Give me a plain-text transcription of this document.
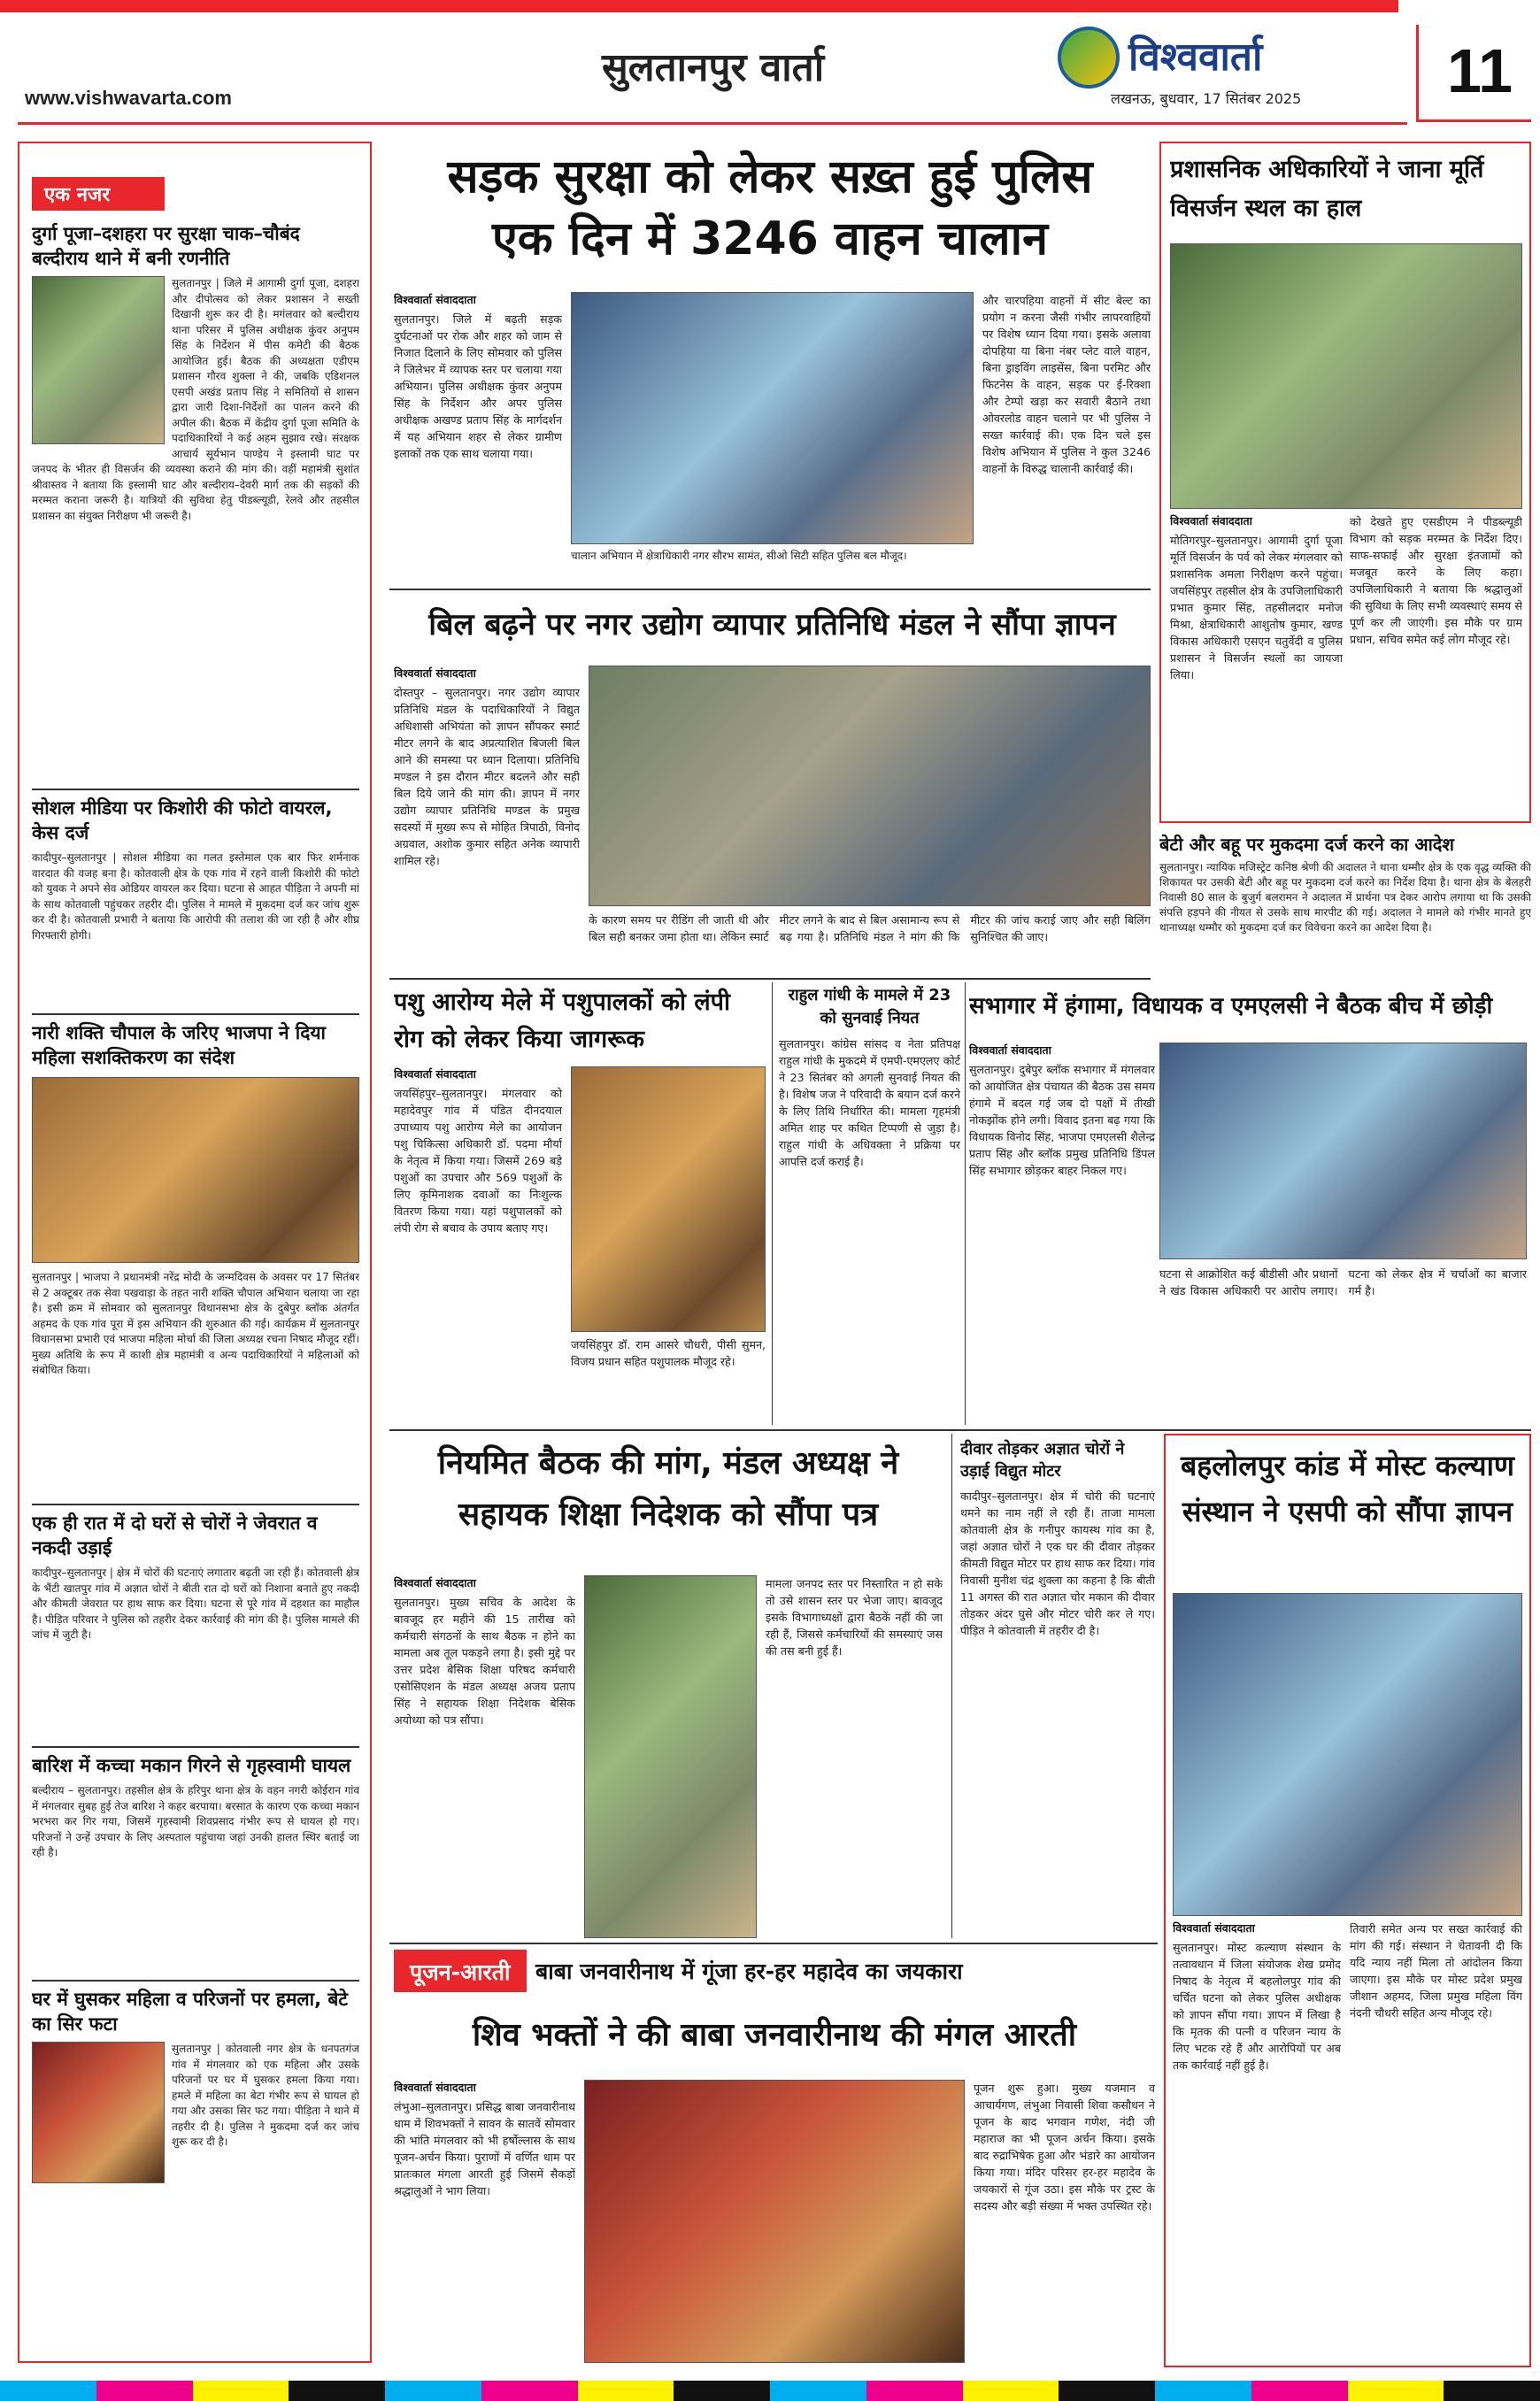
सुलतानपुर वार्ता
www.vishwavarta.com
विश्ववार्ता
लखनऊ, बुधवार, 17 सितंबर 2025 11
एक नजर
दुर्गा पूजा–दशहरा पर सुरक्षा चाक–चौबंद बल्दीराय थाने में बनी रणनीति
सुलतानपुर | जिले में आगामी दुर्गा पूजा, दशहरा और दीपोत्सव को लेकर प्रशासन ने सख्ती दिखानी शुरू कर दी है। मगंलवार को बल्दीराय थाना परिसर में पुलिस अधीक्षक कुंवर अनुपम सिंह के निर्देशन में पीस कमेटी की बैठक आयोजित हुई। बैठक की अध्यक्षता एडीएम प्रशासन गौरव शुक्ला ने की, जबकि एडिशनल एसपी अखंड प्रताप सिंह ने समितियों से शासन द्वारा जारी दिशा-निर्देशों का पालन करने की अपील की। बैठक में केंद्रीय दुर्गा पूजा समिति के पदाधिकारियों ने कई अहम सुझाव रखे। संरक्षक आचार्य सूर्यभान पाण्डेय ने इस्लामी घाट पर जनपद के भीतर ही विसर्जन की व्यवस्था कराने की मांग की। वहीं महामंत्री सुशांत श्रीवास्तव ने बताया कि इस्लामी घाट और बल्दीराय–देवरी मार्ग तक की सड़कों की मरम्मत कराना जरूरी है। यात्रियों की सुविधा हेतु पीडब्ल्यूडी, रेलवे और तहसील प्रशासन का संयुक्त निरीक्षण भी जरूरी है।
सोशल मीडिया पर किशोरी की फोटो वायरल, केस दर्ज
कादीपुर–सुलतानपुर | सोशल मीडिया का गलत इस्तेमाल एक बार फिर शर्मनाक वारदात की वजह बना है। कोतवाली क्षेत्र के एक गांव में रहने वाली किशोरी की फोटो को युवक ने अपने सेव ओडियर वायरल कर दिया। घटना से आहत पीड़िता ने अपनी मां के साथ कोतवाली पहुंचकर तहरीर दी। पुलिस ने मामले में मुकदमा दर्ज कर जांच शुरू कर दी है। कोतवाली प्रभारी ने बताया कि आरोपी की तलाश की जा रही है और शीघ्र गिरफ्तारी होगी।
नारी शक्ति चौपाल के जरिए भाजपा ने दिया महिला सशक्तिकरण का संदेश
सुलतानपुर | भाजपा ने प्रधानमंत्री नरेंद्र मोदी के जन्मदिवस के अवसर पर 17 सितंबर से 2 अक्टूबर तक सेवा पखवाड़ा के तहत नारी शक्ति चौपाल अभियान चलाया जा रहा है। इसी क्रम में सोमवार को सुलतानपुर विधानसभा क्षेत्र के दुबेपुर ब्लॉक अंतर्गत अहमद के एक गांव पूरा में इस अभियान की शुरुआत की गई। कार्यक्रम में सुलतानपुर विधानसभा प्रभारी एवं भाजपा महिला मोर्चा की जिला अध्यक्ष रचना निषाद मौजूद रहीं। मुख्य अतिथि के रूप में काशी क्षेत्र महामंत्री व अन्य पदाधिकारियों ने महिलाओं को संबोधित किया।
एक ही रात में दो घरों से चोरों ने जेवरात व नकदी उड़ाई
कादीपुर–सुलतानपुर | क्षेत्र में चोरों की घटनाएं लगातार बढ़ती जा रही हैं। कोतवाली क्षेत्र के भैंटी खातपुर गांव में अज्ञात चोरों ने बीती रात दो घरों को निशाना बनाते हुए नकदी और कीमती जेवरात पर हाथ साफ कर दिया। घटना से पूरे गांव में दहशत का माहौल है। पीड़ित परिवार ने पुलिस को तहरीर देकर कार्रवाई की मांग की है। पुलिस मामले की जांच में जुटी है।
बारिश में कच्चा मकान गिरने से गृहस्वामी घायल
बल्दीराय – सुलतानपुर। तहसील क्षेत्र के हरिपुर थाना क्षेत्र के वहन नगरी कोईरान गांव में मंगलवार सुबह हुई तेज बारिश ने कहर बरपाया। बरसात के कारण एक कच्चा मकान भरभरा कर गिर गया, जिसमें गृहस्वामी शिवप्रसाद गंभीर रूप से घायल हो गए। परिजनों ने उन्हें उपचार के लिए अस्पताल पहुंचाया जहां उनकी हालत स्थिर बताई जा रही है।
घर में घुसकर महिला व परिजनों पर हमला, बेटे का सिर फटा
सुलतानपुर | कोतवाली नगर क्षेत्र के धनपतगंज गांव में मंगलवार को एक महिला और उसके परिजनों पर घर में घुसकर हमला किया गया। हमले में महिला का बेटा गंभीर रूप से घायल हो गया और उसका सिर फट गया। पीड़िता ने थाने में तहरीर दी है। पुलिस ने मुकदमा दर्ज कर जांच शुरू कर दी है।
सड़क सुरक्षा को लेकर सख़्त हुई पुलिस
एक दिन में 3246 वाहन चालान
विश्ववार्ता संवाददाता
सुलतानपुर। जिले में बढ़ती सड़क दुर्घटनाओं पर रोक और शहर को जाम से निजात दिलाने के लिए सोमवार को पुलिस ने जिलेभर में व्यापक स्तर पर चलाया गया अभियान। पुलिस अधीक्षक कुंवर अनुपम सिंह के निर्देशन और अपर पुलिस अधीक्षक अखण्ड प्रताप सिंह के मार्गदर्शन में यह अभियान शहर से लेकर ग्रामीण इलाकों तक एक साथ चलाया गया।
चालान अभियान में क्षेत्राधिकारी नगर सौरभ सामंत, सीओ सिटी सहित पुलिस बल मौजूद।
और चारपहिया वाहनों में सीट बेल्ट का प्रयोग न करना जैसी गंभीर लापरवाहियों पर विशेष ध्यान दिया गया। इसके अलावा दोपहिया या बिना नंबर प्लेट वाले वाहन, बिना ड्राइविंग लाइसेंस, बिना परमिट और फिटनेस के वाहन, सड़क पर ई-रिक्शा और टेम्पो खड़ा कर सवारी बैठाने तथा ओवरलोड वाहन चलाने पर भी पुलिस ने सख्त कार्रवाई की। एक दिन चले इस विशेष अभियान में पुलिस ने कुल 3246 वाहनों के विरुद्ध चालानी कार्रवाई की।
बिल बढ़ने पर नगर उद्योग व्यापार प्रतिनिधि मंडल ने सौंपा ज्ञापन
विश्ववार्ता संवाददाता
दोस्तपुर – सुलतानपुर। नगर उद्योग व्यापार प्रतिनिधि मंडल के पदाधिकारियों ने विद्युत अधिशासी अभियंता को ज्ञापन सौंपकर स्मार्ट मीटर लगने के बाद अप्रत्याशित बिजली बिल आने की समस्या पर ध्यान दिलाया। प्रतिनिधि मण्डल ने इस दौरान मीटर बदलने और सही बिल दिये जाने की मांग की। ज्ञापन में नगर उद्योग व्यापार प्रतिनिधि मण्डल के प्रमुख सदस्यों में मुख्य रूप से मोहित त्रिपाठी, विनोद अग्रवाल, अशोक कुमार सहित अनेक व्यापारी शामिल रहे।
के कारण समय पर रीडिंग ली जाती थी और बिल सही बनकर जमा होता था। लेकिन स्मार्ट मीटर लगने के बाद से बिल असामान्य रूप से बढ़ गया है। प्रतिनिधि मंडल ने मांग की कि मीटर की जांच कराई जाए और सही बिलिंग सुनिश्चित की जाए।
पशु आरोग्य मेले में पशुपालकों को लंपी रोग को लेकर किया जागरूक
विश्ववार्ता संवाददाता
जयसिंहपुर–सुलतानपुर। मंगलवार को महादेवपुर गांव में पंडित दीनदयाल उपाध्याय पशु आरोग्य मेले का आयोजन पशु चिकित्सा अधिकारी डॉ. पदमा मौर्या के नेतृत्व में किया गया। जिसमें 269 बड़े पशुओं का उपचार और 569 पशुओं के लिए कृमिनाशक दवाओं का निःशुल्क वितरण किया गया। यहां पशुपालकों को लंपी रोग से बचाव के उपाय बताए गए।
जयसिंहपुर डॉ. राम आसरे चौधरी, पीसी सुमन, विजय प्रधान सहित पशुपालक मौजूद रहे।
राहुल गांधी के मामले में 23 को सुनवाई नियत
सुलतानपुर। कांग्रेस सांसद व नेता प्रतिपक्ष राहुल गांधी के मुकदमे में एमपी-एमएलए कोर्ट ने 23 सितंबर को अगली सुनवाई नियत की है। विशेष जज ने परिवादी के बयान दर्ज करने के लिए तिथि निर्धारित की। मामला गृहमंत्री अमित शाह पर कथित टिप्पणी से जुड़ा है। राहुल गांधी के अधिवक्ता ने प्रक्रिया पर आपत्ति दर्ज कराई है।
सभागार में हंगामा, विधायक व एमएलसी ने बैठक बीच में छोड़ी
विश्ववार्ता संवाददाता
सुलतानपुर। दुबेपुर ब्लॉक सभागार में मंगलवार को आयोजित क्षेत्र पंचायत की बैठक उस समय हंगामे में बदल गई जब दो पक्षों में तीखी नोकझोंक होने लगी। विवाद इतना बढ़ गया कि विधायक विनोद सिंह, भाजपा एमएलसी शैलेन्द्र प्रताप सिंह और ब्लॉक प्रमुख प्रतिनिधि डिंपल सिंह सभागार छोड़कर बाहर निकल गए।
घटना से आक्रोशित कई बीडीसी और प्रधानों ने खंड विकास अधिकारी पर आरोप लगाए। घटना को लेकर क्षेत्र में चर्चाओं का बाजार गर्म है।
नियमित बैठक की मांग, मंडल अध्यक्ष ने सहायक शिक्षा निदेशक को सौंपा पत्र
विश्ववार्ता संवाददाता
सुलतानपुर। मुख्य सचिव के आदेश के बावजूद हर महीने की 15 तारीख को कर्मचारी संगठनों के साथ बैठक न होने का मामला अब तूल पकड़ने लगा है। इसी मुद्दे पर उत्तर प्रदेश बेसिक शिक्षा परिषद कर्मचारी एसोसिएशन के मंडल अध्यक्ष अजय प्रताप सिंह ने सहायक शिक्षा निदेशक बेसिक अयोध्या को पत्र सौंपा।
मामला जनपद स्तर पर निस्तारित न हो सके तो उसे शासन स्तर पर भेजा जाए। बावजूद इसके विभागाध्यक्षों द्वारा बैठकें नहीं की जा रही हैं, जिससे कर्मचारियों की समस्याएं जस की तस बनी हुई हैं।
दीवार तोड़कर अज्ञात चोरों ने उड़ाई विद्युत मोटर
कादीपुर–सुलतानपुर। क्षेत्र में चोरी की घटनाएं थमने का नाम नहीं ले रही हैं। ताजा मामला कोतवाली क्षेत्र के गनीपुर कायस्थ गांव का है, जहां अज्ञात चोरों ने एक घर की दीवार तोड़कर कीमती विद्युत मोटर पर हाथ साफ कर दिया। गांव निवासी मुनीश चंद्र शुक्ला का कहना है कि बीती 11 अगस्त की रात अज्ञात चोर मकान की दीवार तोड़कर अंदर घुसे और मोटर चोरी कर ले गए। पीड़ित ने कोतवाली में तहरीर दी है।
बहलोलपुर कांड में मोस्ट कल्याण संस्थान ने एसपी को सौंपा ज्ञापन
विश्ववार्ता संवाददाता
सुलतानपुर। मोस्ट कल्याण संस्थान के तत्वावधान में जिला संयोजक शेख प्रमोद निषाद के नेतृत्व में बहलोलपुर गांव की चर्चित घटना को लेकर पुलिस अधीक्षक को ज्ञापन सौंपा गया। ज्ञापन में लिखा है कि मृतक की पत्नी व परिजन न्याय के लिए भटक रहे हैं और आरोपियों पर अब तक कार्रवाई नहीं हुई है।
तिवारी समेत अन्य पर सख्त कार्रवाई की मांग की गई। संस्थान ने चेतावनी दी कि यदि न्याय नहीं मिला तो आंदोलन किया जाएगा। इस मौके पर मोस्ट प्रदेश प्रमुख जीशान अहमद, जिला प्रमुख महिला विंग नंदनी चौधरी सहित अन्य मौजूद रहे।
पूजन-आरती	बाबा जनवारीनाथ में गूंजा हर-हर महादेव का जयकारा
शिव भक्तों ने की बाबा जनवारीनाथ की मंगल आरती
विश्ववार्ता संवाददाता
लंभुआ–सुलतानपुर। प्रसिद्ध बाबा जनवारीनाथ धाम में शिवभक्तों ने सावन के सातवें सोमवार की भांति मंगलवार को भी हर्षोल्लास के साथ पूजन-अर्चन किया। पुराणों में वर्णित धाम पर प्रातःकाल मंगला आरती हुई जिसमें सैकड़ों श्रद्धालुओं ने भाग लिया।
पूजन शुरू हुआ। मुख्य यजमान व आचार्यगण, लंभुआ निवासी शिवा कसौधन ने पूजन के बाद भगवान गणेश, नंदी जी महाराज का भी पूजन अर्चन किया। इसके बाद रुद्राभिषेक हुआ और भंडारे का आयोजन किया गया। मंदिर परिसर हर-हर महादेव के जयकारों से गूंज उठा। इस मौके पर ट्रस्ट के सदस्य और बड़ी संख्या में भक्त उपस्थित रहे।
प्रशासनिक अधिकारियों ने जाना मूर्ति विसर्जन स्थल का हाल
विश्ववार्ता संवाददाता
मोतिगरपुर–सुलतानपुर। आगामी दुर्गा पूजा मूर्ति विसर्जन के पर्व को लेकर मंगलवार को प्रशासनिक अमला निरीक्षण करने पहुंचा। जयसिंहपुर तहसील क्षेत्र के उपजिलाधिकारी प्रभात कुमार सिंह, तहसीलदार मनोज मिश्रा, क्षेत्राधिकारी आशुतोष कुमार, खण्ड विकास अधिकारी एसएन चतुर्वेदी व पुलिस प्रशासन ने विसर्जन स्थलों का जायजा लिया।
को देखते हुए एसडीएम ने पीडब्ल्यूडी विभाग को सड़क मरम्मत के निर्देश दिए। साफ-सफाई और सुरक्षा इंतजामों को मजबूत करने के लिए कहा। उपजिलाधिकारी ने बताया कि श्रद्धालुओं की सुविधा के लिए सभी व्यवस्थाएं समय से पूर्ण कर ली जाएंगी। इस मौके पर ग्राम प्रधान, सचिव समेत कई लोग मौजूद रहे।
बेटी और बहू पर मुकदमा दर्ज करने का आदेश
सुलतानपुर। न्यायिक मजिस्ट्रेट कनिष्ठ श्रेणी की अदालत ने थाना धम्मौर क्षेत्र के एक वृद्ध व्यक्ति की शिकायत पर उसकी बेटी और बहू पर मुकदमा दर्ज करने का निर्देश दिया है। थाना क्षेत्र के बेलहरी निवासी 80 साल के बुजुर्ग बलरामन ने अदालत में प्रार्थना पत्र देकर आरोप लगाया था कि उसकी संपत्ति हड़पने की नीयत से उसके साथ मारपीट की गई। अदालत ने मामले को गंभीर मानते हुए थानाध्यक्ष धम्मौर को मुकदमा दर्ज कर विवेचना करने का आदेश दिया है।
